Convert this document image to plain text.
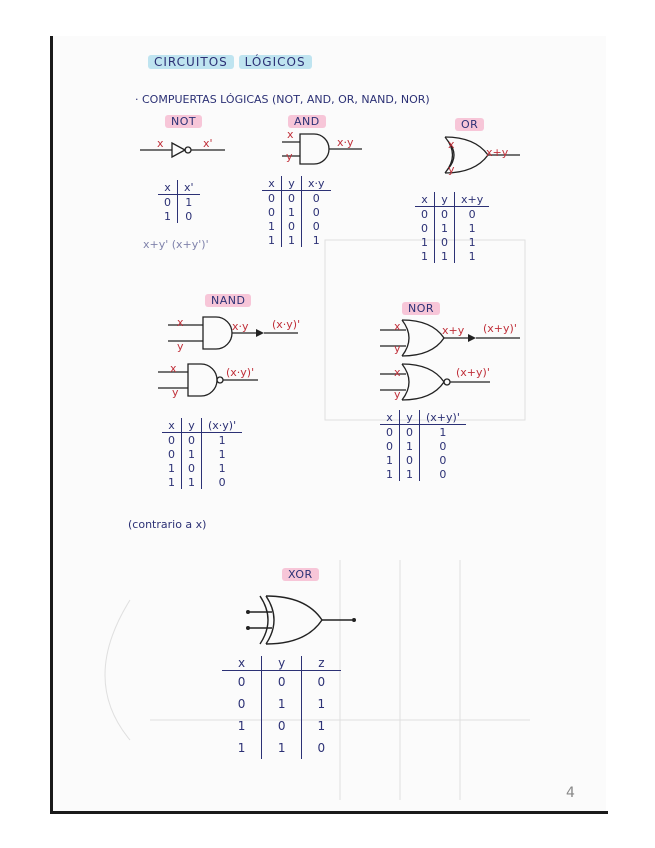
CIRCUITOS LÓGICOS
· COMPUERTAS LÓGICAS (NOT, AND, OR, NAND, NOR)
NOT
x	x'
AND
x
y
x·y
OR
x
y
x+y
x	x'
0	1
1	0
x	y	x·y
0	0	0
0	1	0
1	0	0
1	1	1
x	y	x+y
0	0	0
0	1	1
1	0	1
1	1	1
x+y' (x+y')'
NAND
x
y
x·y (x·y)'
x
y
(x·y)'
NOR
x
y
x+y (x+y)'
x
y
(x+y)'
x	y	(x·y)'
0	0	1
0	1	1
1	0	1
1	1	0
x	y	(x+y)'
0	0	1
0	1	0
1	0	0
1	1	0
(contrario a x)
XOR
x	y	z
0	0	0
0	1	1
1	0	1
1	1	0
4
